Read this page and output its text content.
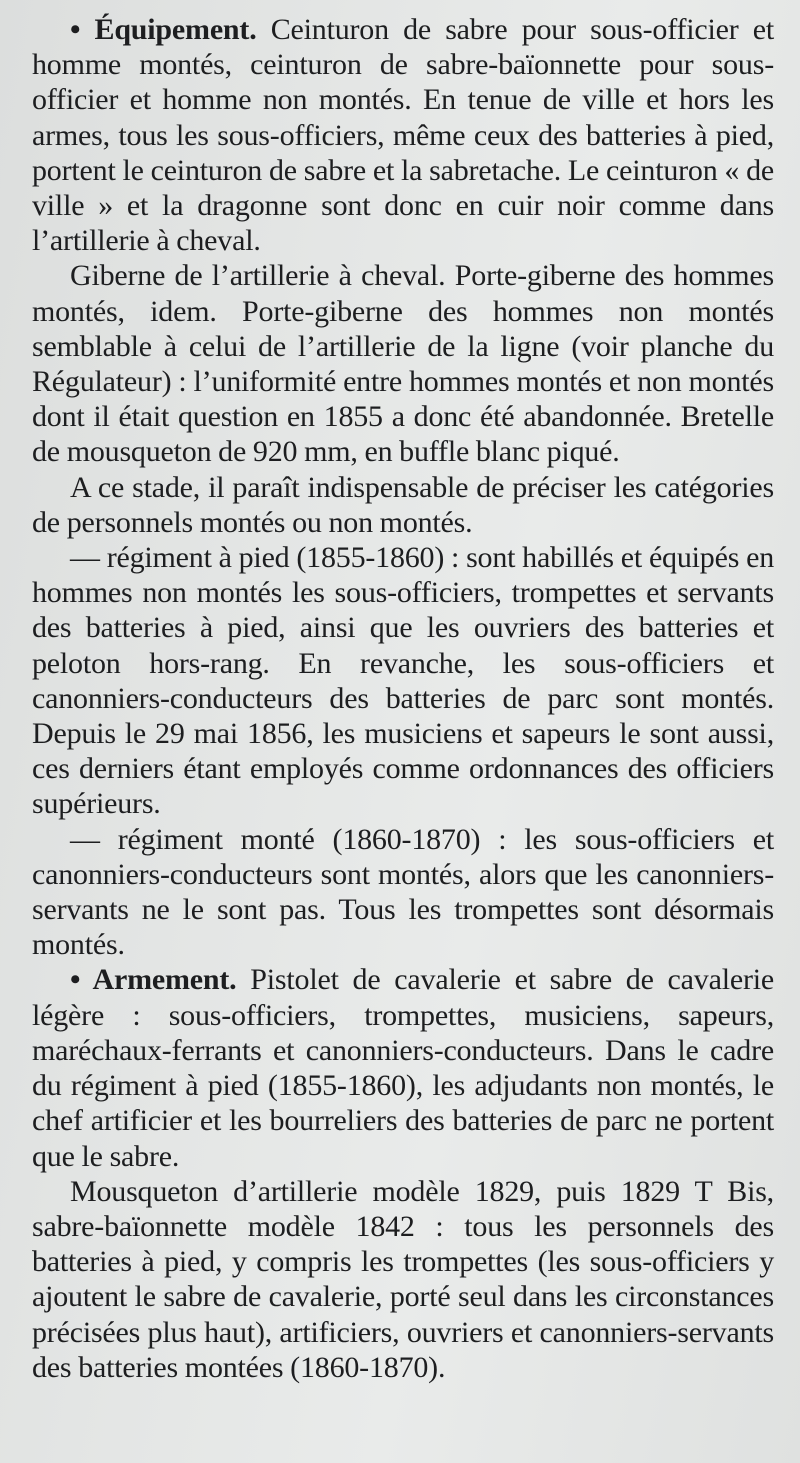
• Équipement. Ceinturon de sabre pour sous-officier et homme montés, ceinturon de sabre-baïonnette pour sous-officier et homme non montés. En tenue de ville et hors les armes, tous les sous-officiers, même ceux des batteries à pied, portent le ceinturon de sabre et la sabretache. Le ceinturon « de ville » et la dragonne sont donc en cuir noir comme dans l’artillerie à cheval.

Giberne de l’artillerie à cheval. Porte-giberne des hommes montés, idem. Porte-giberne des hommes non montés semblable à celui de l’artillerie de la ligne (voir planche du Régulateur) : l’uniformité entre hommes montés et non montés dont il était question en 1855 a donc été abandonnée. Bretelle de mousqueton de 920 mm, en buffle blanc piqué.

A ce stade, il paraît indispensable de préciser les catégories de personnels montés ou non montés.

— régiment à pied (1855-1860) : sont habillés et équipés en hommes non montés les sous-officiers, trompettes et servants des batteries à pied, ainsi que les ouvriers des batteries et peloton hors-rang. En revanche, les sous-officiers et canonniers-conducteurs des batteries de parc sont montés. Depuis le 29 mai 1856, les musiciens et sapeurs le sont aussi, ces derniers étant employés comme ordonnances des officiers supérieurs.

— régiment monté (1860-1870) : les sous-officiers et canonniers-conducteurs sont montés, alors que les canonniers-servants ne le sont pas. Tous les trompettes sont désormais montés.

• Armement. Pistolet de cavalerie et sabre de cavalerie légère : sous-officiers, trompettes, musiciens, sapeurs, maréchaux-ferrants et canonniers-conducteurs. Dans le cadre du régiment à pied (1855-1860), les adjudants non montés, le chef artificier et les bourreliers des batteries de parc ne portent que le sabre.

Mousqueton d’artillerie modèle 1829, puis 1829 T Bis, sabre-baïonnette modèle 1842 : tous les personnels des batteries à pied, y compris les trompettes (les sous-officiers y ajoutent le sabre de cavalerie, porté seul dans les circonstances précisées plus haut), artificiers, ouvriers et canonniers-servants des batteries montées (1860-1870).
